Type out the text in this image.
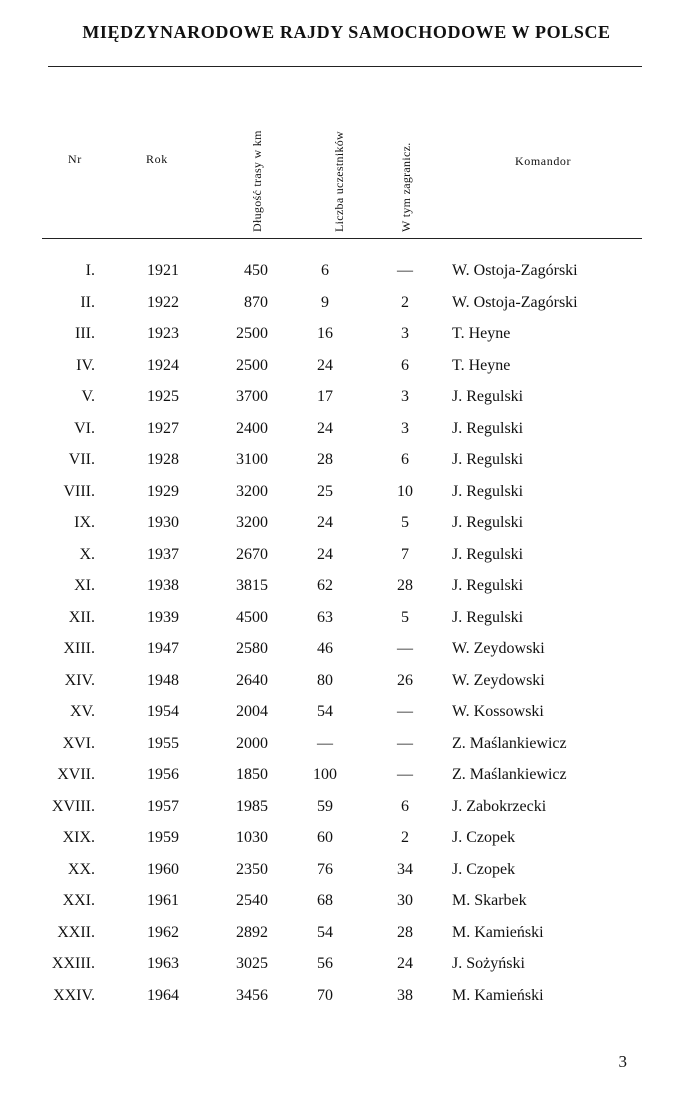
MIĘDZYNARODOWE RAJDY SAMOCHODOWE W POLSCE
Nr	Rok	Długość trasy w km	Liczba uczestników	W tym zagranicz.	Komandor
I.	1921	450	6	—	W. Ostoja-Zagórski
II.	1922	870	9	2	W. Ostoja-Zagórski
III.	1923	2500	16	3	T. Heyne
IV.	1924	2500	24	6	T. Heyne
V.	1925	3700	17	3	J. Regulski
VI.	1927	2400	24	3	J. Regulski
VII.	1928	3100	28	6	J. Regulski
VIII.	1929	3200	25	10	J. Regulski
IX.	1930	3200	24	5	J. Regulski
X.	1937	2670	24	7	J. Regulski
XI.	1938	3815	62	28	J. Regulski
XII.	1939	4500	63	5	J. Regulski
XIII.	1947	2580	46	—	W. Zeydowski
XIV.	1948	2640	80	26	W. Zeydowski
XV.	1954	2004	54	—	W. Kossowski
XVI.	1955	2000	—	—	Z. Maślankiewicz
XVII.	1956	1850	100	—	Z. Maślankiewicz
XVIII.	1957	1985	59	6	J. Zabokrzecki
XIX.	1959	1030	60	2	J. Czopek
XX.	1960	2350	76	34	J. Czopek
XXI.	1961	2540	68	30	M. Skarbek
XXII.	1962	2892	54	28	M. Kamieński
XXIII.	1963	3025	56	24	J. Sożyński
XXIV.	1964	3456	70	38	M. Kamieński
3
